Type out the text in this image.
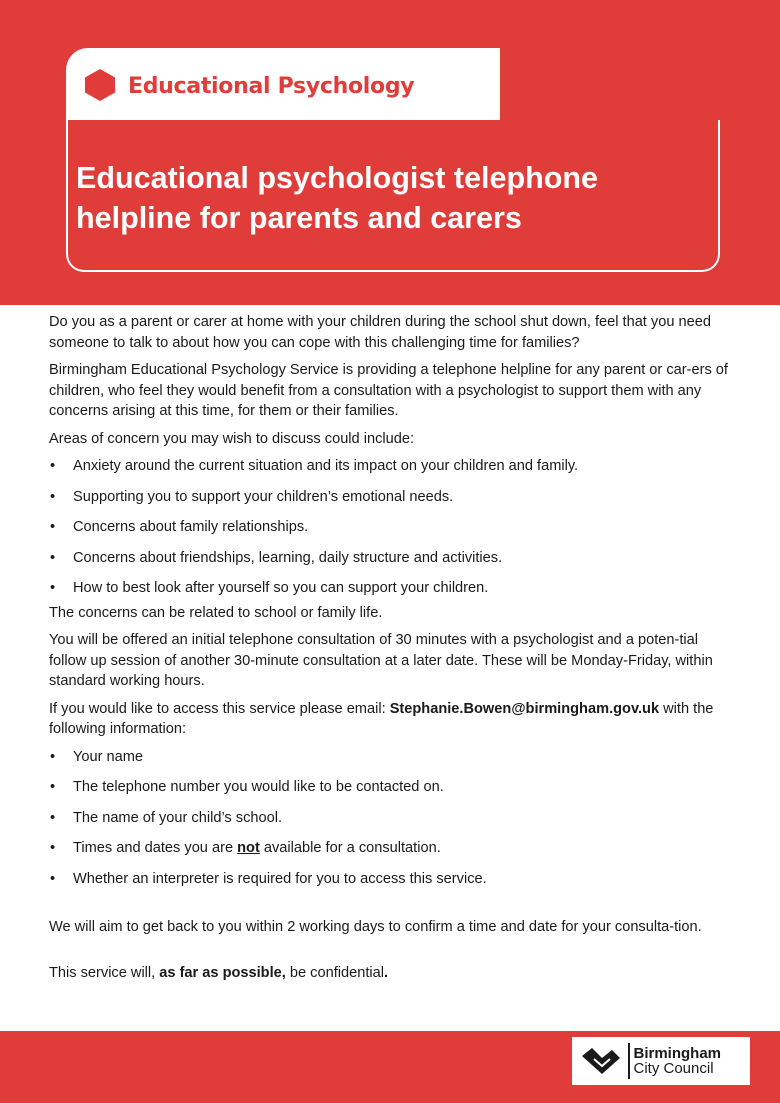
Educational Psychology
Educational psychologist telephone helpline for parents and carers

Do you as a parent or carer at home with your children during the school shut down, feel that you need someone to talk to about how you can cope with this challenging time for families?

Birmingham Educational Psychology Service is providing a telephone helpline for any parent or car-ers of children, who feel they would benefit from a consultation with a psychologist to support them with any concerns arising at this time, for them or their families.

Areas of concern you may wish to discuss could include:

• Anxiety around the current situation and its impact on your children and family.
• Supporting you to support your children’s emotional needs.
• Concerns about family relationships.
• Concerns about friendships, learning, daily structure and activities.
• How to best look after yourself so you can support your children.

The concerns can be related to school or family life.

You will be offered an initial telephone consultation of 30 minutes with a psychologist and a poten-tial follow up session of another 30-minute consultation at a later date. These will be Monday-Friday, within standard working hours.

If you would like to access this service please email: Stephanie.Bowen@birmingham.gov.uk with the following information:

• Your name
• The telephone number you would like to be contacted on.
• The name of your child’s school.
• Times and dates you are not available for a consultation.
• Whether an interpreter is required for you to access this service.

We will aim to get back to you within 2 working days to confirm a time and date for your consulta-tion.

This service will, as far as possible, be confidential.

Birmingham
City Council
